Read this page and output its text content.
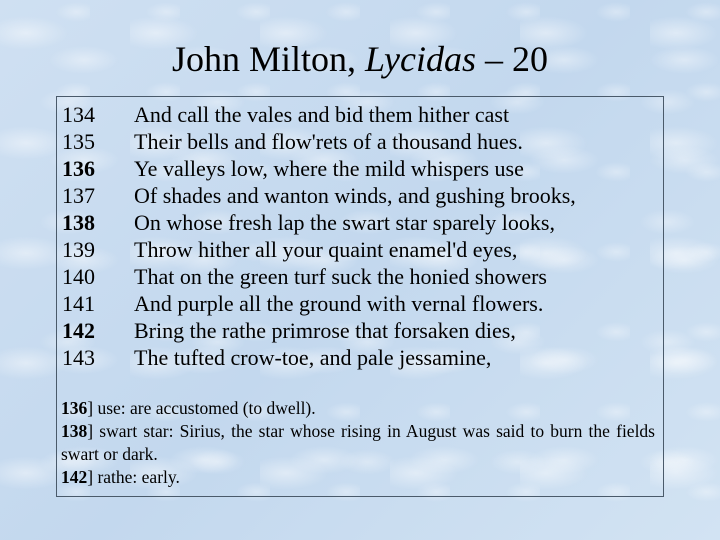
John Milton, Lycidas – 20
134	And call the vales and bid them hither cast
135	Their bells and flow'rets of a thousand hues.
136	Ye valleys low, where the mild whispers use
137	Of shades and wanton winds, and gushing brooks,
138	On whose fresh lap the swart star sparely looks,
139	Throw hither all your quaint enamel'd eyes,
140	That on the green turf suck the honied showers
141	And purple all the ground with vernal flowers.
142	Bring the rathe primrose that forsaken dies,
143	The tufted crow-toe, and pale jessamine,
136] use: are accustomed (to dwell).
138] swart star: Sirius, the star whose rising in August was said to burn the fields swart or dark.
142] rathe: early.
